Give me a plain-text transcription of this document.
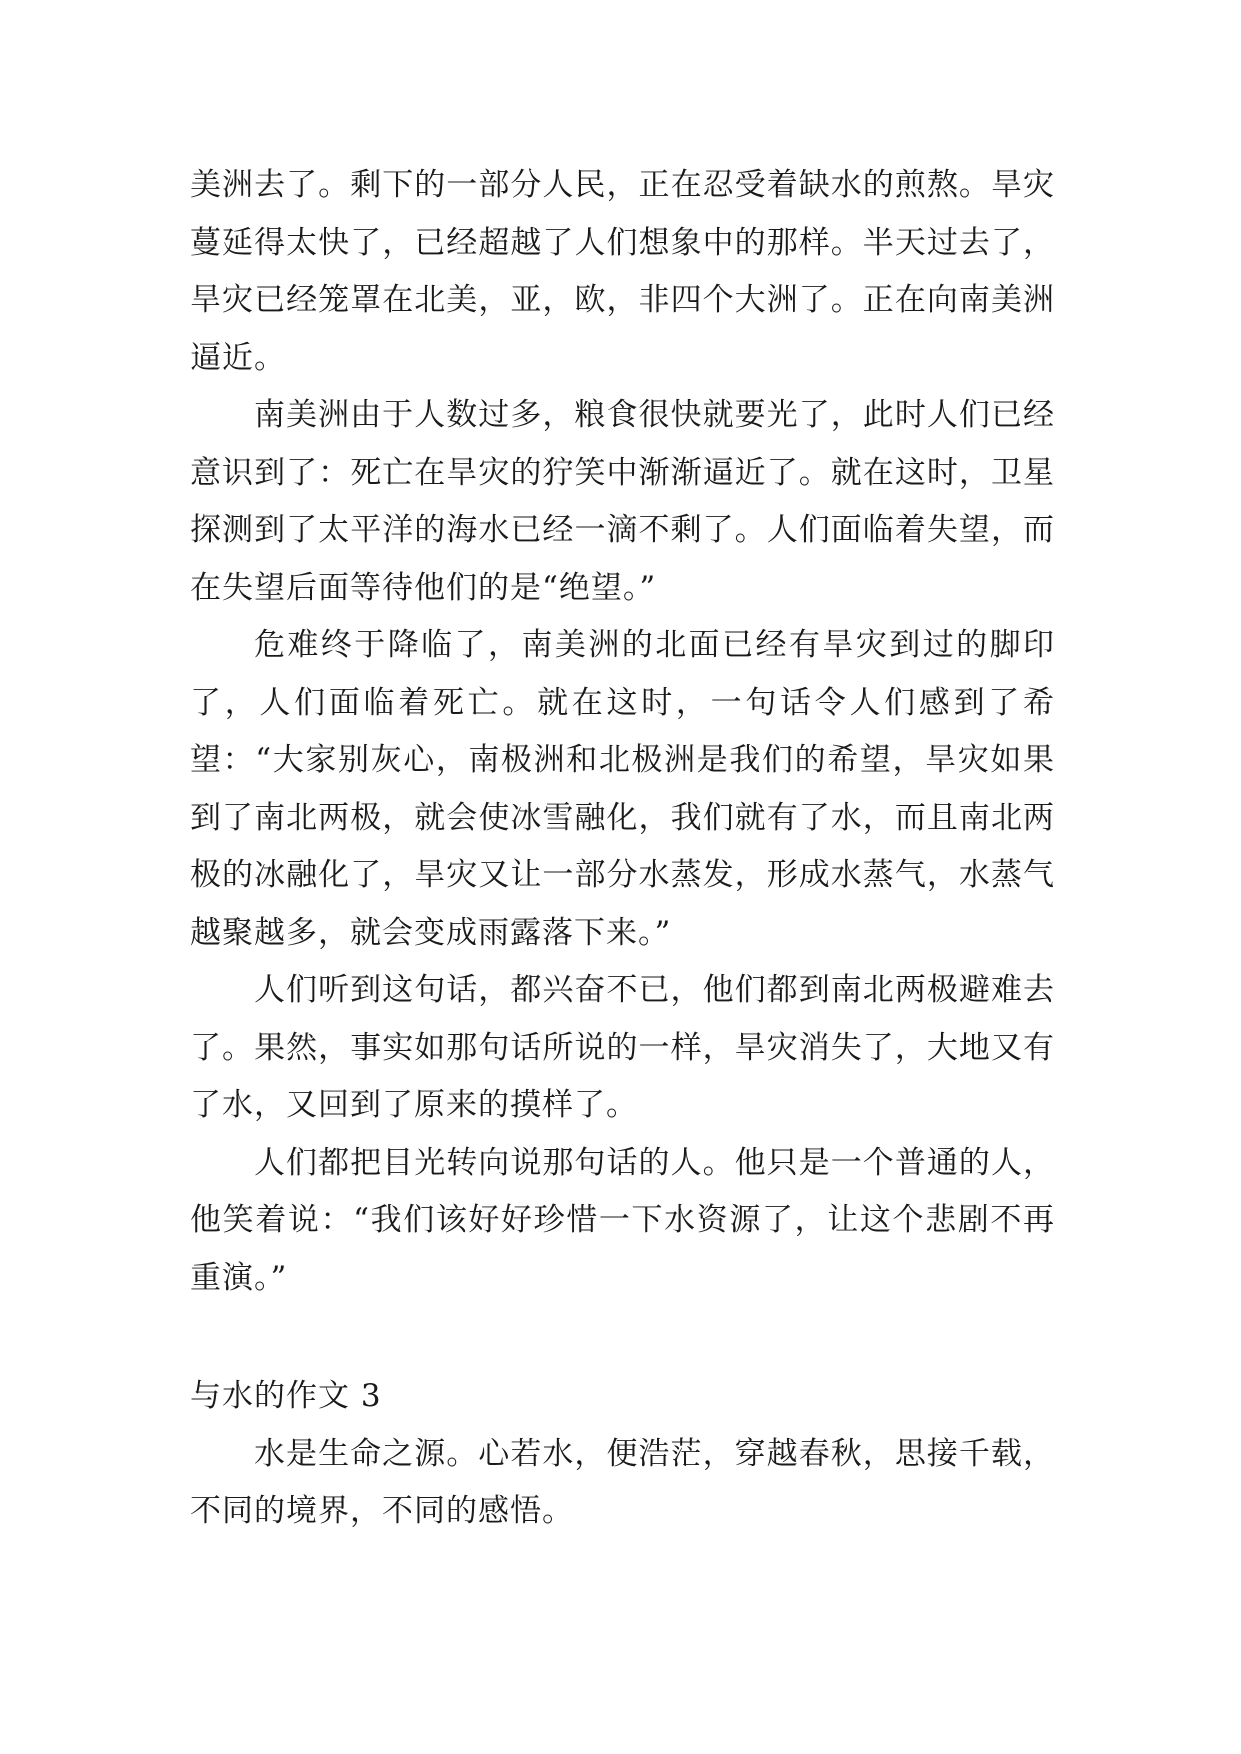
美洲去了。剩下的一部分人民，正在忍受着缺水的煎熬。旱灾蔓延得太快了，已经超越了人们想象中的那样。半天过去了，旱灾已经笼罩在北美，亚，欧，非四个大洲了。正在向南美洲逼近。

南美洲由于人数过多，粮食很快就要光了，此时人们已经意识到了：死亡在旱灾的狞笑中渐渐逼近了。就在这时，卫星探测到了太平洋的海水已经一滴不剩了。人们面临着失望，而在失望后面等待他们的是“绝望。”

危难终于降临了，南美洲的北面已经有旱灾到过的脚印了，人们面临着死亡。就在这时，一句话令人们感到了希望：“大家别灰心，南极洲和北极洲是我们的希望，旱灾如果到了南北两极，就会使冰雪融化，我们就有了水，而且南北两极的冰融化了，旱灾又让一部分水蒸发，形成水蒸气，水蒸气越聚越多，就会变成雨露落下来。”

人们听到这句话，都兴奋不已，他们都到南北两极避难去了。果然，事实如那句话所说的一样，旱灾消失了，大地又有了水，又回到了原来的摸样了。

人们都把目光转向说那句话的人。他只是一个普通的人，他笑着说：“我们该好好珍惜一下水资源了，让这个悲剧不再重演。”

与水的作文 3

水是生命之源。心若水，便浩茫，穿越春秋，思接千载，不同的境界，不同的感悟。
